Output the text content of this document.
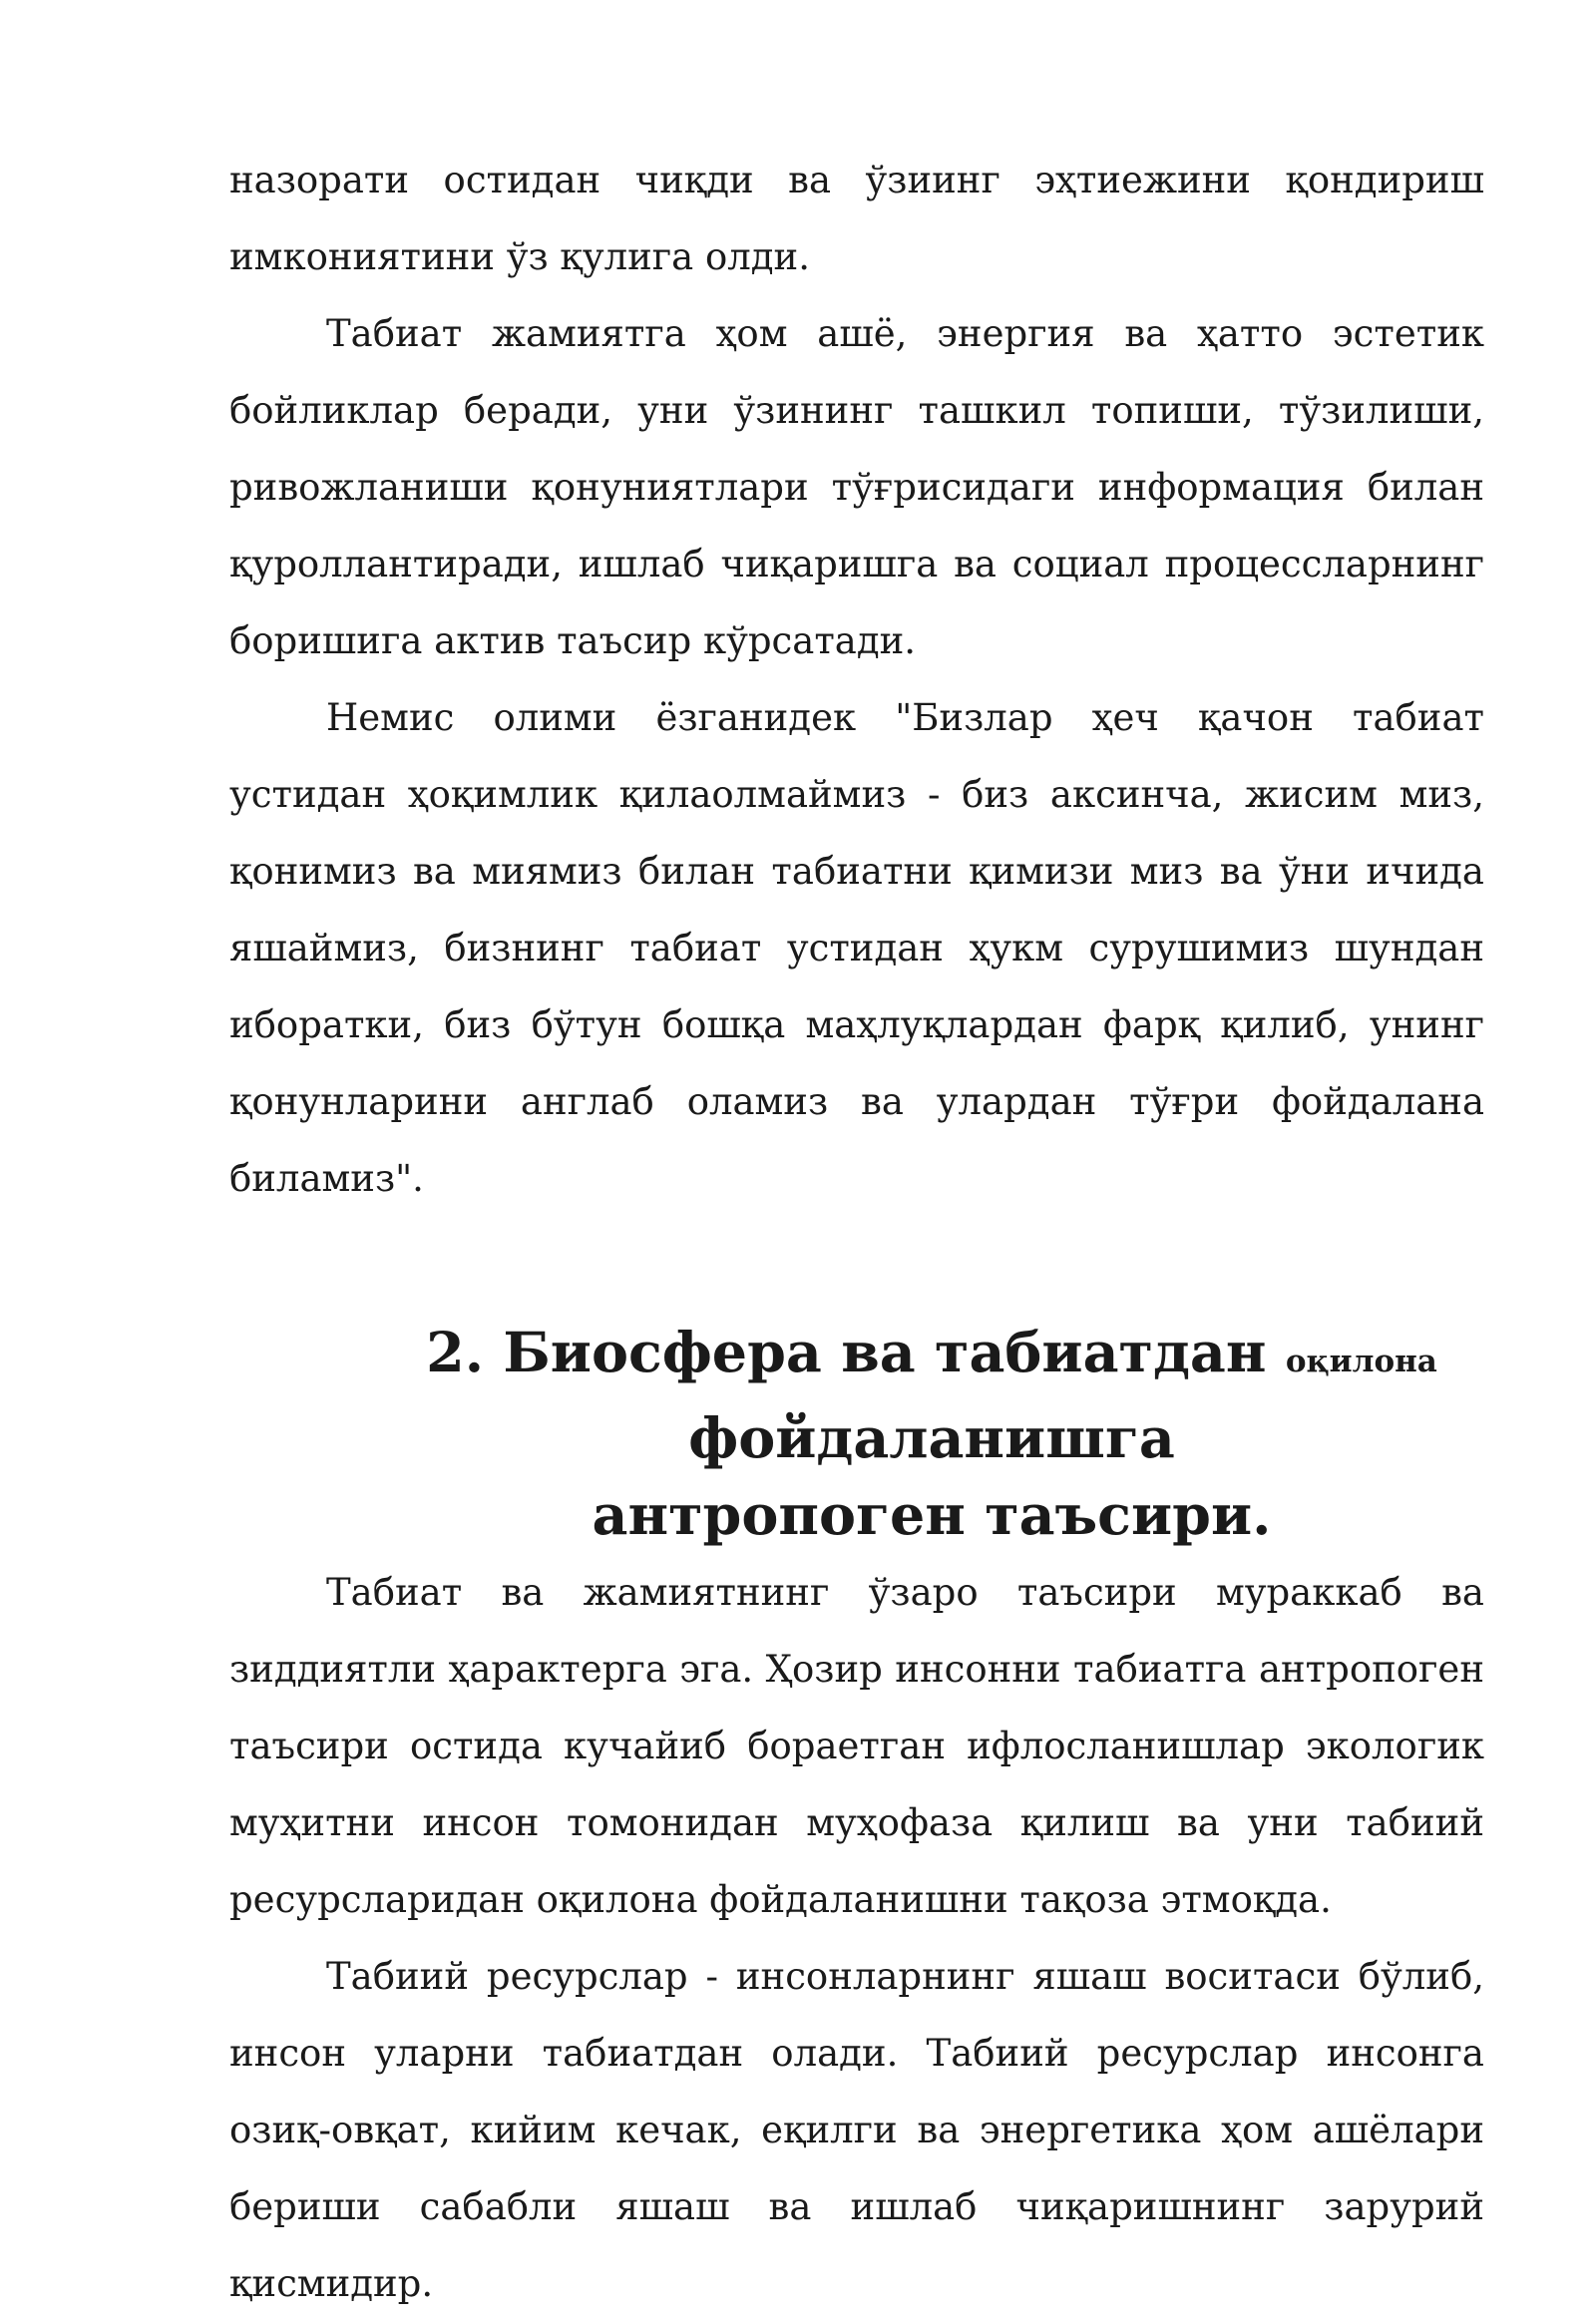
назорати остидан чиқди ва ўзиинг эҳтиежини қондириш имкониятини ўз қулига олди.

Табиат жамиятга ҳом ашё, энергия ва ҳатто эстетик бойликлар беради, уни ўзининг ташкил топиши, тўзилиши, ривожланиши қонуниятлари тўғрисидаги информация билан қуроллантиради, ишлаб чиқаришга ва социал процессларнинг боришига актив таъсир кўрсатади.

Немис олими ёзганидек "Бизлар ҳеч қачон табиат устидан ҳоқимлик қилаолмаймиз - биз аксинча, жисим миз, қонимиз ва миямиз билан табиатни қимизи миз ва ўни ичида яшаймиз, бизнинг табиат устидан ҳукм сурушимиз шундан иборатки, биз бўтун бошқа маҳлуқлардан фарқ қилиб, унинг қонунларини англаб оламиз ва улардан тўғри фойдалана биламиз".

2. Биосфера ва табиатдан оқилона фойдаланишга
антропоген таъсири.

Табиат ва жамиятнинг ўзаро таъсири мураккаб ва зиддиятли ҳарактерга эга. Ҳозир инсонни табиатга антропоген таъсири остида кучайиб бораетган ифлосланишлар экологик муҳитни инсон томонидан муҳофаза қилиш ва уни табиий ресурсларидан оқилона фойдаланишни тақоза этмоқда.

Табиий ресурслар - инсонларнинг яшаш воситаси бўлиб, инсон уларни табиатдан олади. Табиий ресурслар инсонга озиқ-овқат, кийим кечак, еқилги ва энергетика ҳом ашёлари бериши сабабли яшаш ва ишлаб чиқаришнинг зарурий қисмидир.
